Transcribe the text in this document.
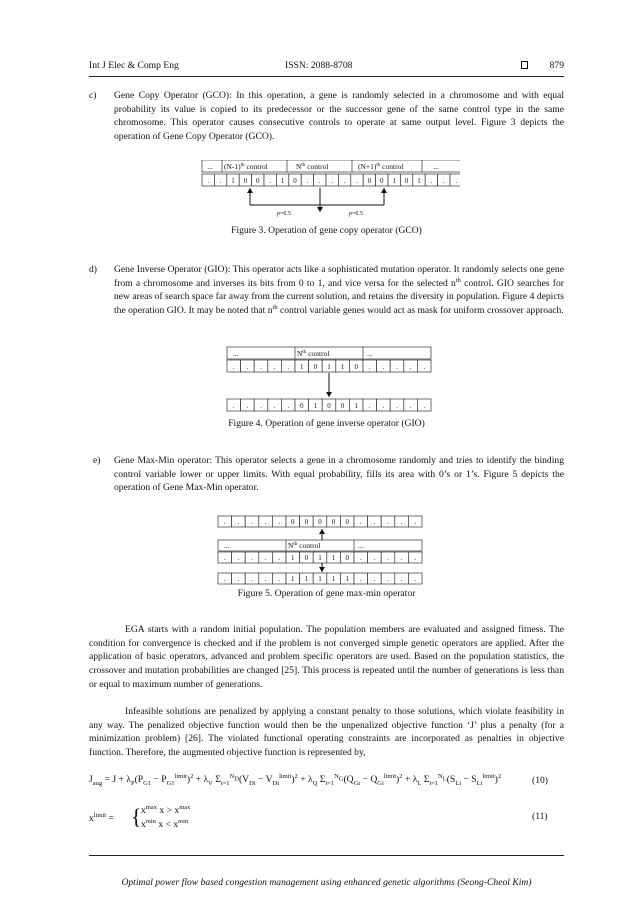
Int J Elec & Comp Eng	ISSN: 2088-8708	879
c) Gene Copy Operator (GCO): In this operation, a gene is randomly selected in a chromosome and with equal probability its value is copied to its predecessor or the successor gene of the same control type in the same chromosome. This operator causes consecutive controls to operate at same output level. Figure 3 depicts the operation of Gene Copy Operator (GCO).
... $(N-1)^{th}$ control	$N^{th}$ control	$(N+1)^{th}$ control	...
. . 1 0 0 . 1 0 . . . . . 0 0 1 0 1 . . .
p=0.5	p=0.5
Figure 3. Operation of gene copy operator (GCO)
d) Gene Inverse Operator (GIO): This operator acts like a sophisticated mutation operator. It randomly selects one gene from a chromosome and inverses its bits from 0 to 1, and vice versa for the selected $n^{th}$ control. GIO searches for new areas of search space far away from the current solution, and retains the diversity in population. Figure 4 depicts the operation GIO. It may be noted that $n^{th}$ control variable genes would act as mask for uniform crossover approach.
...	$N^{th}$ control	...
. . . . . 1 0 1 1 0 . . . . .
. . . . . 0 1 0 0 1 . . . . .
Figure 4. Operation of gene inverse operator (GIO)
e) Gene Max-Min operator: This operator selects a gene in a chromosome randomly and tries to identify the binding control variable lower or upper limits. With equal probability, fills its area with 0’s or 1’s. Figure 5 depicts the operation of Gene Max-Min operator.
. . . . . 0 0 0 0 0 . . . . .
...	$N^{th}$ control	...
. . . . . 1 0 1 1 0 . . . . .
. . . . . 1 1 1 1 1 . . . . .
Figure 5. Operation of gene max-min operator
EGA starts with a random initial population. The population members are evaluated and assigned fitness. The condition for convergence is checked and if the problem is not converged simple genetic operators are applied. After the application of basic operators, advanced and problem specific operators are used. Based on the population statistics, the crossover and mutation probabilities are changed [25]. This process is repeated until the number of generations is less than or equal to maximum number of generations.
Infeasible solutions are penalized by applying a constant penalty to those solutions, which violate feasibility in any way. The penalized objective function would then be the unpenalized objective function ‘J’ plus a penalty (for a minimization problem) [26]. The violated functional operating constraints are incorporated as penalties in objective function. Therefore, the augmented objective function is represented by,
$J_{aug} = J + \lambda_P(P_{G1} - P_{G1}^{limit})^2 + \lambda_V$ $\Sigma_{i=1}^{N_D}(V_{Di} - V_{Di}^{limit})^2 + \lambda_Q$ $\Sigma_{i=1}^{N_G}(Q_{Gi} - Q_{Gi}^{limit})^2 + \lambda_L$ $\Sigma_{i=1}^{N_L}(S_{Li} - S_{Li}^{limit})^2$	(10)
$x^{limit}$ = { $x^{max}$ $x > x^{max}$
$x^{min}$ $x < x^{min}$	(11)
Optimal power flow based congestion management using enhanced genetic algorithms (Seong-Cheol Kim)
